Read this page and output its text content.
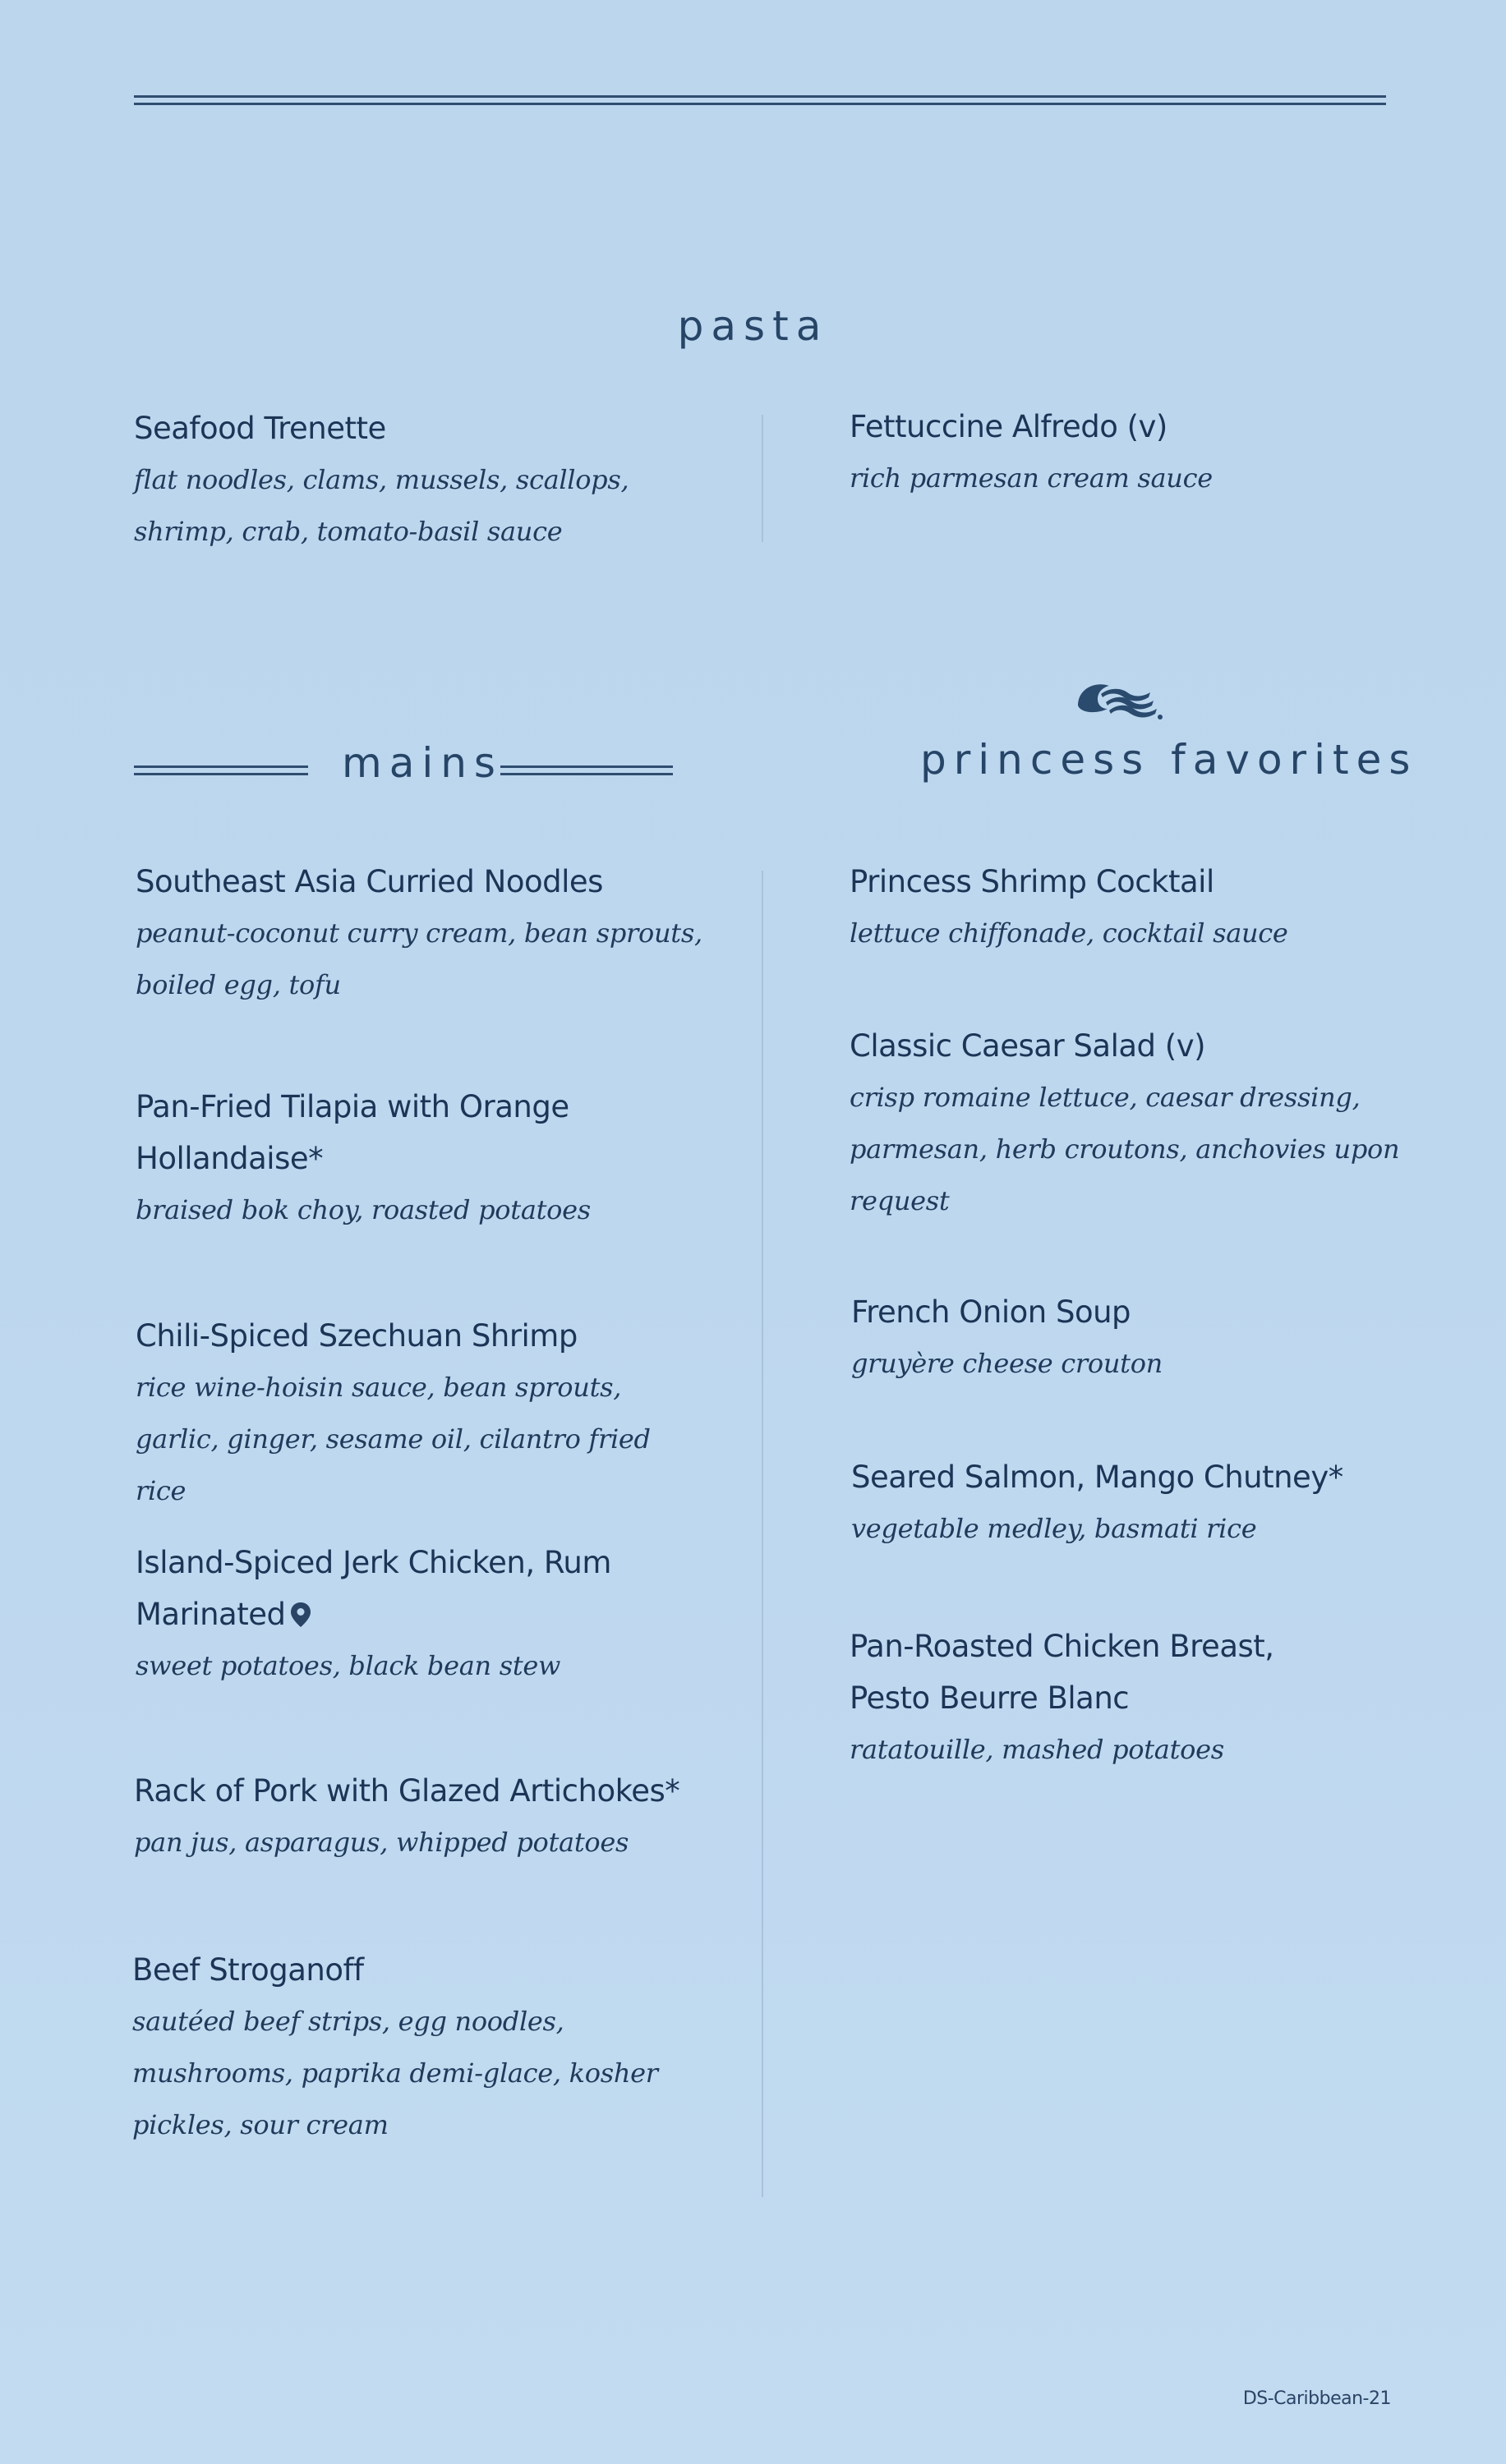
pasta
Seafood Trenette
flat noodles, clams, mussels, scallops,
shrimp, crab, tomato-basil sauce
Fettuccine Alfredo (v)
rich parmesan cream sauce
mains	princess favorites
Southeast Asia Curried Noodles
peanut-coconut curry cream, bean sprouts,
boiled egg, tofu
Pan-Fried Tilapia with Orange
Hollandaise*
braised bok choy, roasted potatoes
Chili-Spiced Szechuan Shrimp
rice wine-hoisin sauce, bean sprouts,
garlic, ginger, sesame oil, cilantro fried rice
Island-Spiced Jerk Chicken, Rum
Marinated
sweet potatoes, black bean stew
Rack of Pork with Glazed Artichokes*
pan jus, asparagus, whipped potatoes
Beef Stroganoff
sautéed beef strips, egg noodles,
mushrooms, paprika demi-glace, kosher
pickles, sour cream
Princess Shrimp Cocktail
lettuce chiffonade, cocktail sauce
Classic Caesar Salad (v)
crisp romaine lettuce, caesar dressing,
parmesan, herb croutons, anchovies upon
request
French Onion Soup
gruyère cheese crouton
Seared Salmon, Mango Chutney*
vegetable medley, basmati rice
Pan-Roasted Chicken Breast,
Pesto Beurre Blanc
ratatouille, mashed potatoes
DS-Caribbean-21
